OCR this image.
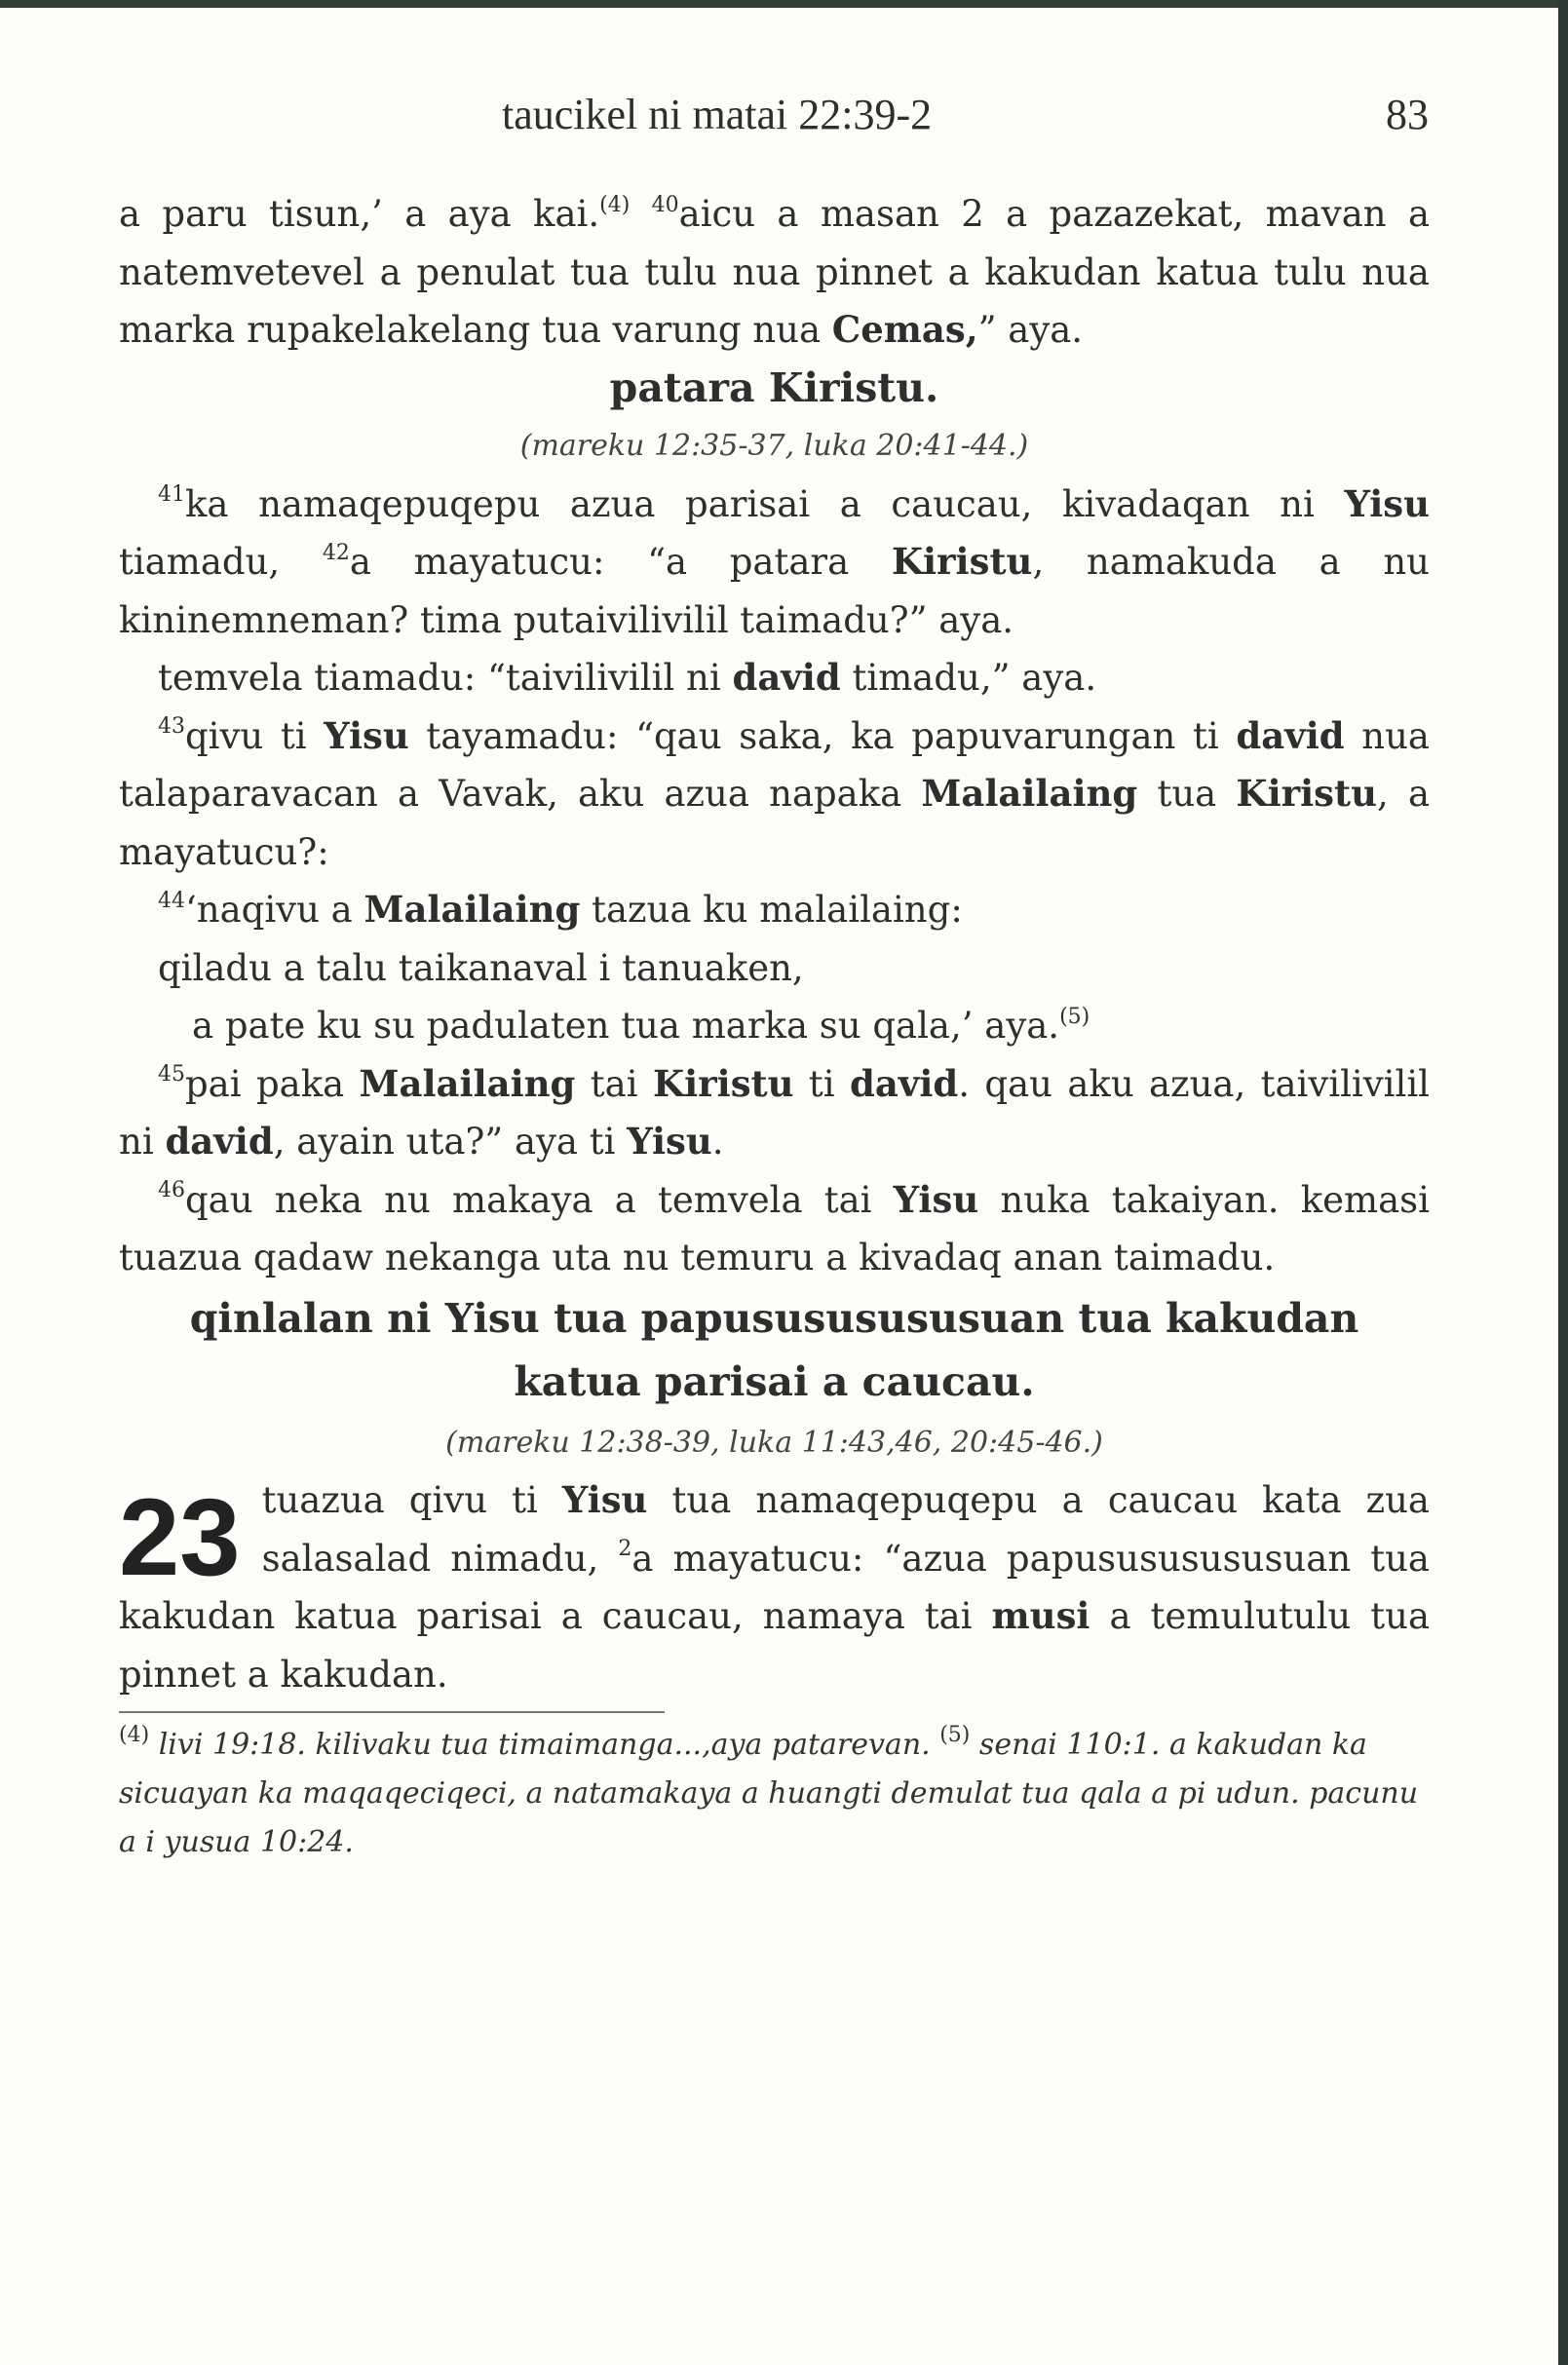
taucikel ni matai 22:39-2	83

a paru tisun,’ a aya kai.$^{(4)}$ $^{40}$aicu a masan 2 a pazazekat, mavan a natemvetevel a penulat tua tulu nua pinnet a kakudan katua tulu nua marka rupakelakelang tua varung nua Cemas,” aya.

patara Kiristu.

(mareku 12:35-37, luka 20:41-44.)

$^{41}$ka namaqepuqepu azua parisai a caucau, kivadaqan ni Yisu tiamadu, $^{42}$a mayatucu: “a patara Kiristu, namakuda a nu kininemneman? tima putaivilivilil taimadu?” aya.

temvela tiamadu: “taivilivilil ni david timadu,” aya.

$^{43}$qivu ti Yisu tayamadu: “qau saka, ka papuvarungan ti david nua talaparavacan a Vavak, aku azua napaka Malailaing tua Kiristu, a mayatucu?:

$^{44}$‘naqivu a Malailaing tazua ku malailaing:

qiladu a talu taikanaval i tanuaken,

a pate ku su padulaten tua marka su qala,’ aya.$^{(5)}$

$^{45}$pai paka Malailaing tai Kiristu ti david. qau aku azua, taivilivilil ni david, ayain uta?” aya ti Yisu.

$^{46}$qau neka nu makaya a temvela tai Yisu nuka takaiyan. kemasi tuazua qadaw nekanga uta nu temuru a kivadaq anan taimadu.

qinlalan ni Yisu tua papusususususuan tua kakudan
katua parisai a caucau.

(mareku 12:38-39, luka 11:43,46, 20:45-46.)

23 tuazua qivu ti Yisu tua namaqepuqepu a caucau kata zua salasalad nimadu, $^2$a mayatucu: “azua papusususususuan tua kakudan katua parisai a caucau, namaya tai musi a temulutulu tua pinnet a kakudan.

$^{(4)}$ livi 19:18. kilivaku tua timaimanga...,aya patarevan. $^{(5)}$ senai 110:1. a kakudan ka sicuayan ka maqaqeciqeci, a natamakaya a huangti demulat tua qala a pi udun. pacunu a i yusua 10:24.
